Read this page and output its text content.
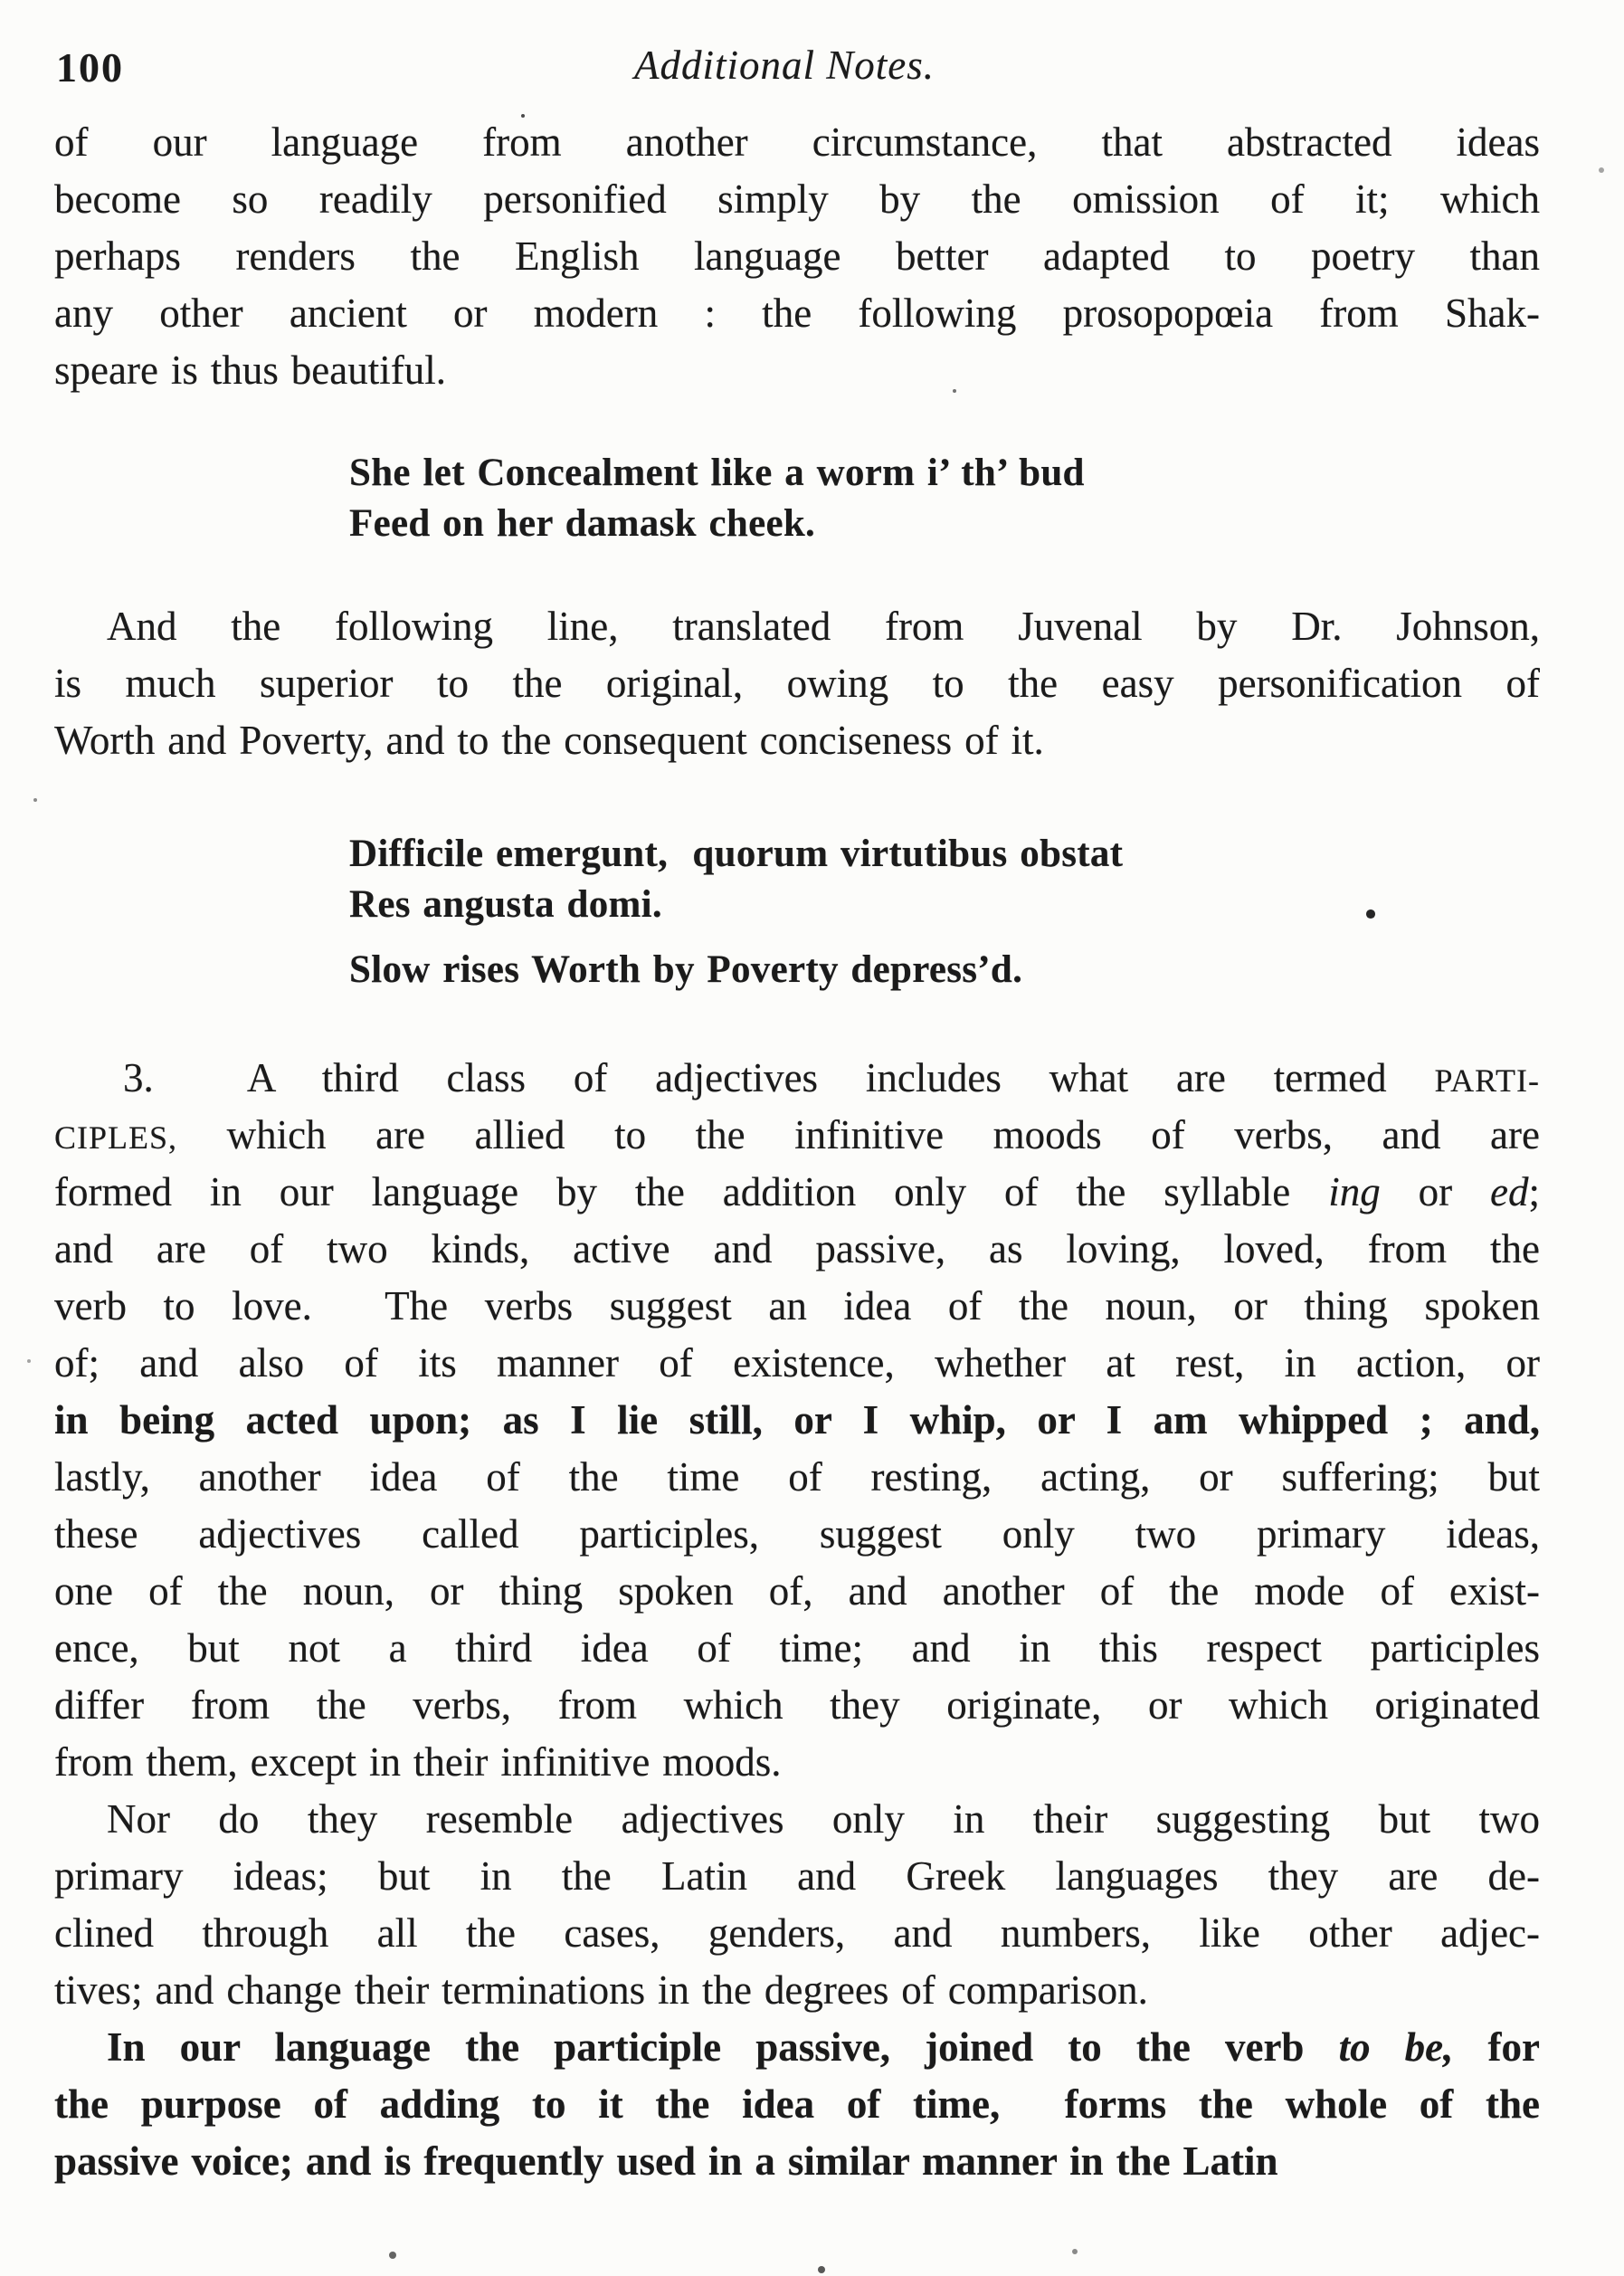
100	Additional Notes.
of our language from another circumstance, that abstracted ideas
become so readily personified simply by the omission of it; which
perhaps renders the English language better adapted to poetry than
any other ancient or modern : the following prosopopœia from Shak-
speare is thus beautiful.
She let Concealment like a worm i’ th’ bud
Feed on her damask cheek.
And the following line, translated from Juvenal by Dr. Johnson,
is much superior to the original, owing to the easy personification of
Worth and Poverty, and to the consequent conciseness of it.
Difficile emergunt,  quorum virtutibus obstat
Res angusta domi.
Slow rises Worth by Poverty depress’d.
3.  A third class of adjectives includes what are termed PARTI-
CIPLES, which are allied to the infinitive moods of verbs, and are
formed in our language by the addition only of the syllable ing or ed;
and are of two kinds, active and passive, as loving, loved, from the
verb to love.  The verbs suggest an idea of the noun, or thing spoken
of; and also of its manner of existence, whether at rest, in action, or
in being acted upon; as I lie still, or I whip, or I am whipped ; and,
lastly, another idea of the time of resting, acting, or suffering; but
these adjectives called participles, suggest only two primary ideas,
one of the noun, or thing spoken of, and another of the mode of exist-
ence, but not a third idea of time; and in this respect participles
differ from the verbs, from which they originate, or which originated
from them, except in their infinitive moods.
Nor do they resemble adjectives only in their suggesting but two
primary ideas; but in the Latin and Greek languages they are de-
clined through all the cases, genders, and numbers, like other adjec-
tives; and change their terminations in the degrees of comparison.
In our language the participle passive, joined to the verb to be, for
the purpose of adding to it the idea of time,  forms the whole of the
passive voice; and is frequently used in a similar manner in the Latin
